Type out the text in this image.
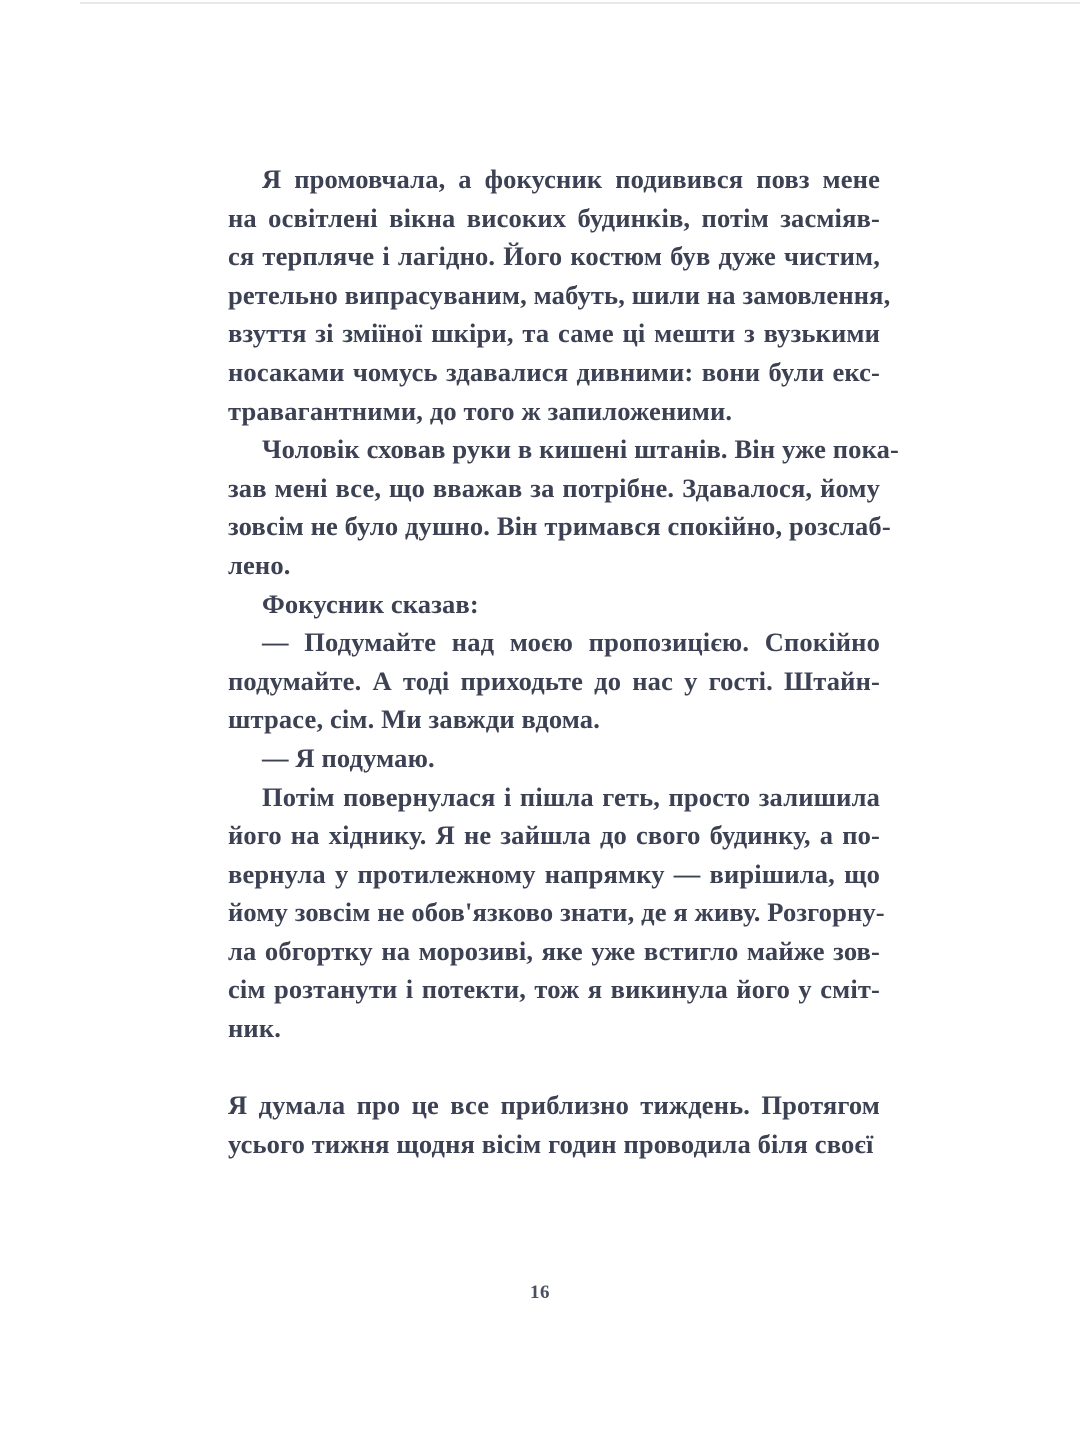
Я промовчала, а фокусник подивився повз мене
на освітлені вікна високих будинків, потім засміяв-
ся терпляче і лагідно. Його костюм був дуже чистим,
ретельно випрасуваним, мабуть, шили на замовлення,
взуття зі зміїної шкіри, та саме ці мешти з вузькими
носаками чомусь здавалися дивними: вони були екс-
травагантними, до того ж запиложеними.

Чоловік сховав руки в кишені штанів. Він уже пока-
зав мені все, що вважав за потрібне. Здавалося, йому
зовсім не було душно. Він тримався спокійно, розслаб-
лено.

Фокусник сказав:

— Подумайте над моєю пропозицією. Спокійно
подумайте. А тоді приходьте до нас у гості. Штайн-
штрасе, сім. Ми завжди вдома.

— Я подумаю.

Потім повернулася і пішла геть, просто залишила
його на хіднику. Я не зайшла до свого будинку, а по-
вернула у протилежному напрямку — вирішила, що
йому зовсім не обов'язково знати, де я живу. Розгорну-
ла обгортку на морозиві, яке уже встигло майже зов-
сім розтанути і потекти, тож я викинула його у сміт-
ник.

Я думала про це все приблизно тиждень. Протягом
усього тижня щодня вісім годин проводила біля своєї

16
